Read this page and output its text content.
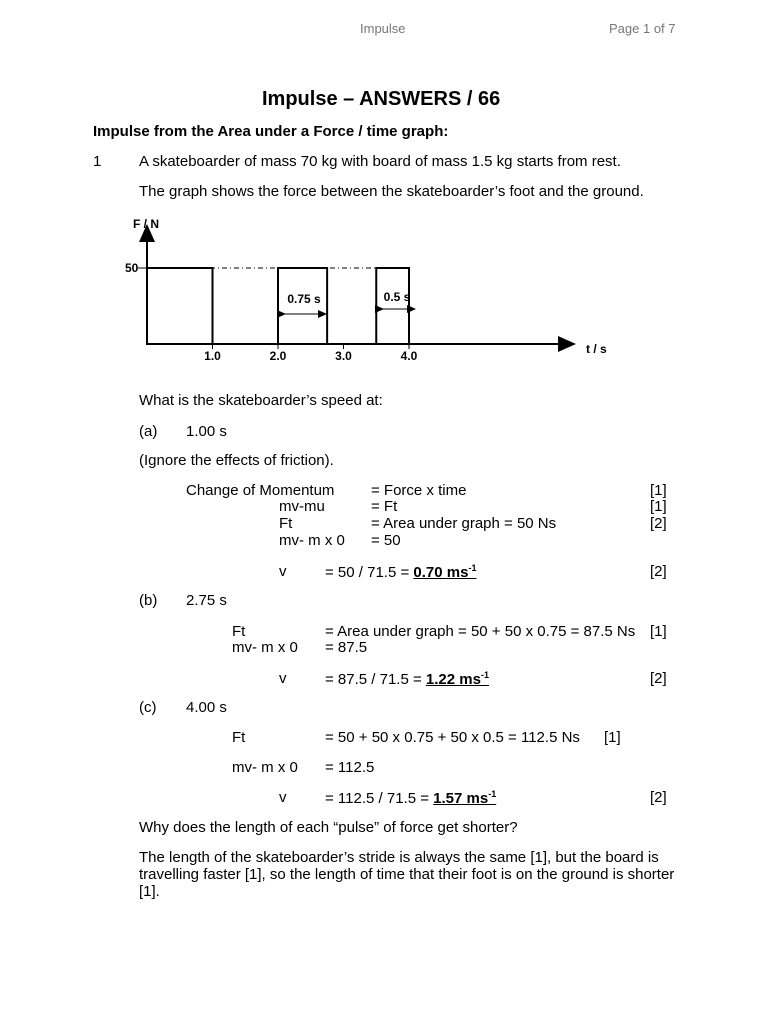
Impulse	Page 1 of 7
Impulse – ANSWERS / 66
Impulse from the Area under a Force / time graph:
1	A skateboarder of mass 70 kg with board of mass 1.5 kg starts from rest.
The graph shows the force between the skateboarder’s foot and the ground.
F / N
50
t / s
1.0	2.0	3.0	4.0
0.75 s	0.5 s
What is the skateboarder’s speed at:
(a) 1.00 s
(Ignore the effects of friction).
Change of Momentum = Force x time	[1]
mv-mu	= Ft	[1]
Ft	= Area under graph = 50 Ns	[2]
mv- m x 0 = 50
v	= 50 / 71.5 = 0.70 $ms^{-1}$	[2]
(b) 2.75 s
Ft	= Area under graph = 50 + 50 x 0.75 = 87.5 Ns [1]
mv- m x 0 = 87.5
v	= 87.5 / 71.5 = 1.22 $ms^{-1}$	[2]
(c) 4.00 s
Ft	= 50 + 50 x 0.75 + 50 x 0.5 = 112.5 Ns [1]
mv- m x 0 = 112.5
v	= 112.5 / 71.5 = 1.57 $ms^{-1}$	[2]
Why does the length of each “pulse” of force get shorter?
The length of the skateboarder’s stride is always the same [1], but the board is travelling faster [1], so the length of time that their foot is on the ground is shorter [1].
